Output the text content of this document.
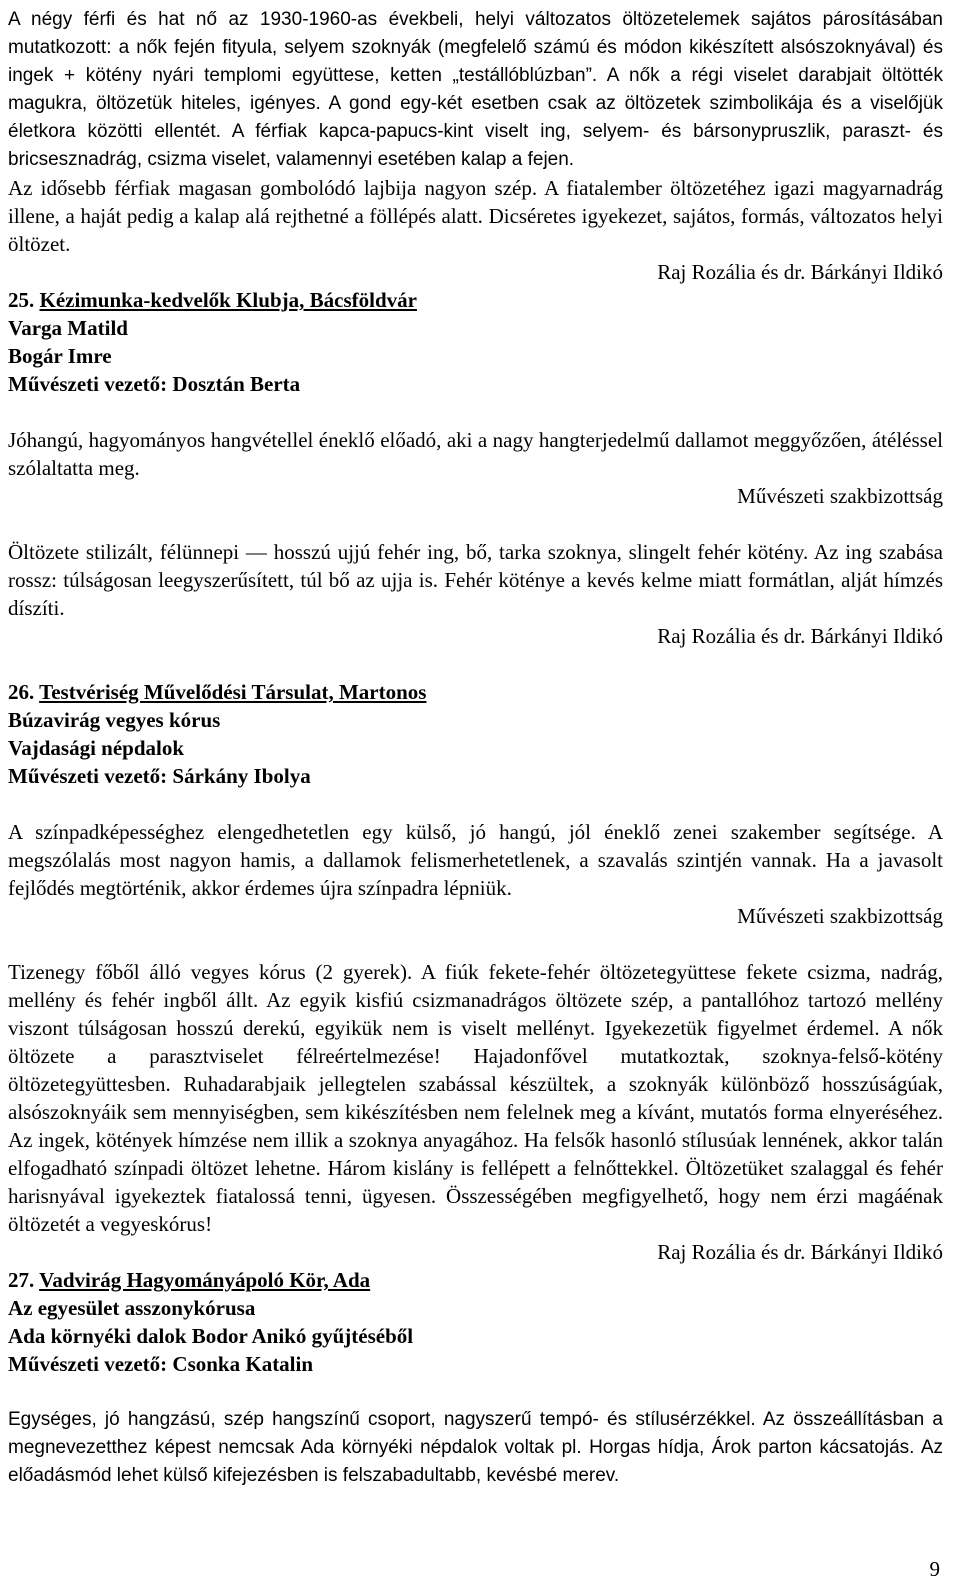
A négy férfi és hat nő az 1930-1960-as évekbeli, helyi változatos öltözetelemek sajátos párosításában mutatkozott: a nők fején fityula, selyem szoknyák (megfelelő számú és módon kikészített alsószoknyával) és ingek + kötény nyári templomi együttese, ketten „testállóblúzban”. A nők a régi viselet darabjait öltötték magukra, öltözetük hiteles, igényes. A gond egy-két esetben csak az öltözetek szimbolikája és a viselőjük életkora közötti ellentét. A férfiak kapca-papucs-kint viselt ing, selyem- és bársonypruszlik, paraszt- és bricsesznadrág, csizma viselet, valamennyi esetében kalap a fejen.

Az idősebb férfiak magasan gombolódó lajbija nagyon szép. A fiatalember öltözetéhez igazi magyarnadrág illene, a haját pedig a kalap alá rejthetné a föllépés alatt. Dicséretes igyekezet, sajátos, formás, változatos helyi öltözet.

Raj Rozália és dr. Bárkányi Ildikó

25. Kézimunka-kedvelők Klubja, Bácsföldvár

Varga Matild

Bogár Imre

Művészeti vezető: Dosztán Berta

Jóhangú, hagyományos hangvétellel éneklő előadó, aki a nagy hangterjedelmű dallamot meggyőzően, átéléssel szólaltatta meg.

Művészeti szakbizottság

Öltözete stilizált, félünnepi ― hosszú ujjú fehér ing, bő, tarka szoknya, slingelt fehér kötény. Az ing szabása rossz: túlságosan leegyszerűsített, túl bő az ujja is. Fehér köténye a kevés kelme miatt formátlan, alját hímzés díszíti.

Raj Rozália és dr. Bárkányi Ildikó

26. Testvériség Művelődési Társulat, Martonos

Búzavirág vegyes kórus

Vajdasági népdalok

Művészeti vezető: Sárkány Ibolya

A színpadképességhez elengedhetetlen egy külső, jó hangú, jól éneklő zenei szakember segítsége. A megszólalás most nagyon hamis, a dallamok felismerhetetlenek, a szavalás szintjén vannak. Ha a javasolt fejlődés megtörténik, akkor érdemes újra színpadra lépniük.

Művészeti szakbizottság

Tizenegy főből álló vegyes kórus (2 gyerek). A fiúk fekete-fehér öltözetegyüttese fekete csizma, nadrág, mellény és fehér ingből állt. Az egyik kisfiú csizmanadrágos öltözete szép, a pantallóhoz tartozó mellény viszont túlságosan hosszú derekú, egyikük nem is viselt mellényt. Igyekezetük figyelmet érdemel. A nők öltözete a parasztviselet félreértelmezése! Hajadonfővel mutatkoztak, szoknya-felső-kötény öltözetegyüttesben. Ruhadarabjaik jellegtelen szabással készültek, a szoknyák különböző hosszúságúak, alsószoknyáik sem mennyiségben, sem kikészítésben nem felelnek meg a kívánt, mutatós forma elnyeréséhez. Az ingek, kötények hímzése nem illik a szoknya anyagához. Ha felsők hasonló stílusúak lennének, akkor talán elfogadható színpadi öltözet lehetne. Három kislány is fellépett a felnőttekkel. Öltözetüket szalaggal és fehér harisnyával igyekeztek fiatalossá tenni, ügyesen. Összességében megfigyelhető, hogy nem érzi magáénak öltözetét a vegyeskórus!

Raj Rozália és dr. Bárkányi Ildikó

27. Vadvirág Hagyományápoló Kör, Ada

Az egyesület asszonykórusa

Ada környéki dalok Bodor Anikó gyűjtéséből

Művészeti vezető: Csonka Katalin

Egységes, jó hangzású, szép hangszínű csoport, nagyszerű tempó- és stílusérzékkel. Az összeállításban a megnevezetthez képest nemcsak Ada környéki népdalok voltak pl. Horgas hídja, Árok parton kácsatojás. Az előadásmód lehet külső kifejezésben is felszabadultabb, kevésbé merev.

9
